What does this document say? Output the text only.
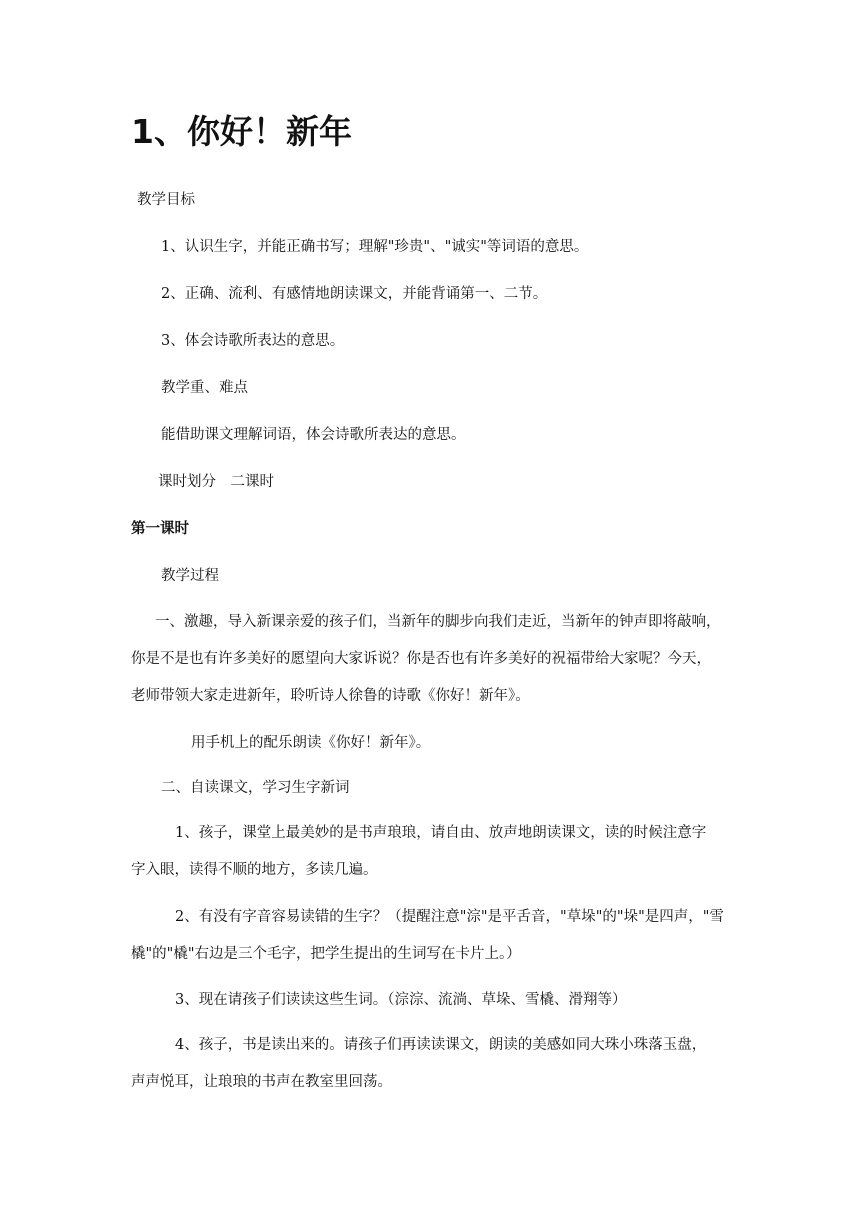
1、你好！新年
教学目标
1、认识生字，并能正确书写；理解"珍贵"、"诚实"等词语的意思。
2、正确、流利、有感情地朗读课文，并能背诵第一、二节。
3、体会诗歌所表达的意思。
教学重、难点
能借助课文理解词语，体会诗歌所表达的意思。
课时划分　二课时
第一课时
教学过程
一、激趣，导入新课亲爱的孩子们，当新年的脚步向我们走近，当新年的钟声即将敲响，
你是不是也有许多美好的愿望向大家诉说？你是否也有许多美好的祝福带给大家呢？今天，
老师带领大家走进新年，聆听诗人徐鲁的诗歌《你好！新年》。
用手机上的配乐朗读《你好！新年》。
二、自读课文，学习生字新词
1、孩子，课堂上最美妙的是书声琅琅，请自由、放声地朗读课文，读的时候注意字
字入眼，读得不顺的地方，多读几遍。
2、有没有字音容易读错的生字？（提醒注意"淙"是平舌音，"草垛"的"垛"是四声，"雪
橇"的"橇"右边是三个毛字，把学生提出的生词写在卡片上。）
3、现在请孩子们读读这些生词。（淙淙、流淌、草垛、雪橇、滑翔等）
4、孩子，书是读出来的。请孩子们再读读课文，朗读的美感如同大珠小珠落玉盘，
声声悦耳，让琅琅的书声在教室里回荡。
